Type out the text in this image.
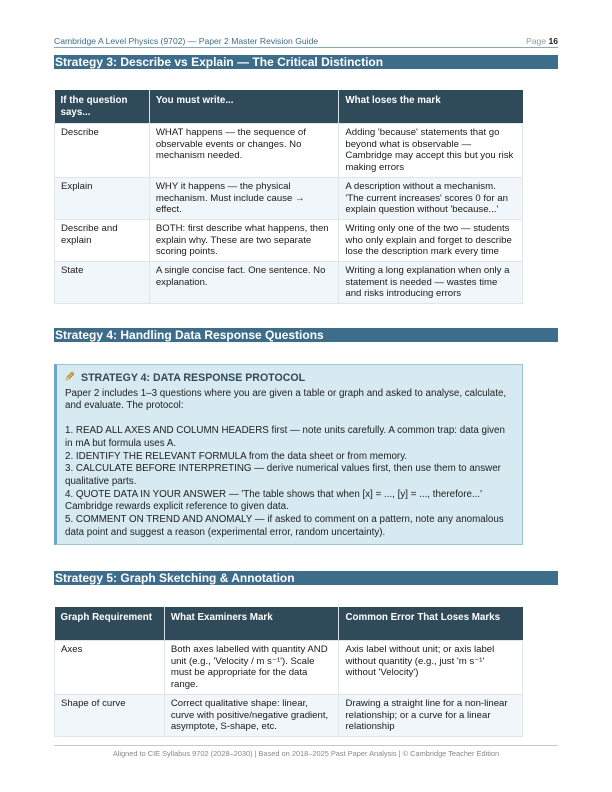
Cambridge A Level Physics (9702) — Paper 2 Master Revision Guide	Page 16
Strategy 3: Describe vs Explain — The Critical Distinction
If the question says...	You must write...	What loses the mark
Describe	WHAT happens — the sequence of observable events or changes. No mechanism needed.	Adding 'because' statements that go beyond what is observable — Cambridge may accept this but you risk making errors
Explain	WHY it happens — the physical mechanism. Must include cause → effect.	A description without a mechanism. 'The current increases' scores 0 for an explain question without 'because...'
Describe and explain	BOTH: first describe what happens, then explain why. These are two separate scoring points.	Writing only one of the two — students who only explain and forget to describe lose the description mark every time
State	A single concise fact. One sentence. No explanation.	Writing a long explanation when only a statement is needed — wastes time and risks introducing errors
Strategy 4: Handling Data Response Questions
STRATEGY 4: DATA RESPONSE PROTOCOL

Paper 2 includes 1–3 questions where you are given a table or graph and asked to analyse, calculate, and evaluate. The protocol:

1. READ ALL AXES AND COLUMN HEADERS first — note units carefully. A common trap: data given in mA but formula uses A.

2. IDENTIFY THE RELEVANT FORMULA from the data sheet or from memory.

3. CALCULATE BEFORE INTERPRETING — derive numerical values first, then use them to answer qualitative parts.

4. QUOTE DATA IN YOUR ANSWER — 'The table shows that when [x] = ..., [y] = ..., therefore...' Cambridge rewards explicit reference to given data.

5. COMMENT ON TREND AND ANOMALY — if asked to comment on a pattern, note any anomalous data point and suggest a reason (experimental error, random uncertainty).

Strategy 5: Graph Sketching & Annotation
Graph Requirement	What Examiners Mark	Common Error That Loses Marks
Axes	Both axes labelled with quantity AND unit (e.g., 'Velocity / m s⁻¹'). Scale must be appropriate for the data range.	Axis label without unit; or axis label without quantity (e.g., just 'm s⁻¹' without 'Velocity')
Shape of curve	Correct qualitative shape: linear, curve with positive/negative gradient, asymptote, S-shape, etc.	Drawing a straight line for a non-linear relationship; or a curve for a linear relationship
Aligned to CIE Syllabus 9702 (2028–2030) | Based on 2018–2025 Past Paper Analysis | © Cambridge Teacher Edition
